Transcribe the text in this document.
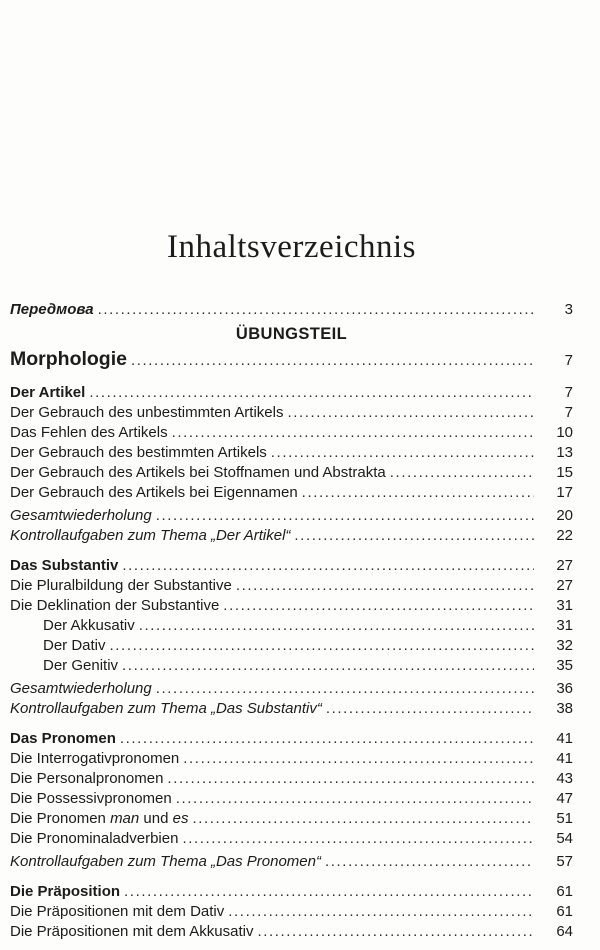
Inhaltsverzeichnis
Передмова .....	3
ÜBUNGSTEIL
Morphologie .....	7
Der Artikel .....	7
Der Gebrauch des unbestimmten Artikels .....	7
Das Fehlen des Artikels .....	10
Der Gebrauch des bestimmten Artikels .....	13
Der Gebrauch des Artikels bei Stoffnamen und Abstrakta .....	15
Der Gebrauch des Artikels bei Eigennamen .....	17
Gesamtwiederholung .....	20
Kontrollaufgaben zum Thema „Der Artikel“ .....	22
Das Substantiv .....	27
Die Pluralbildung der Substantive .....	27
Die Deklination der Substantive .....	31
Der Akkusativ .....	31
Der Dativ .....	32
Der Genitiv .....	35
Gesamtwiederholung .....	36
Kontrollaufgaben zum Thema „Das Substantiv“ .....	38
Das Pronomen .....	41
Die Interrogativpronomen .....	41
Die Personalpronomen .....	43
Die Possessivpronomen .....	47
Die Pronomen man und es .....	51
Die Pronominaladverbien .....	54
Kontrollaufgaben zum Thema „Das Pronomen“ .....	57
Die Präposition .....	61
Die Präpositionen mit dem Dativ .....	61
Die Präpositionen mit dem Akkusativ .....	64
